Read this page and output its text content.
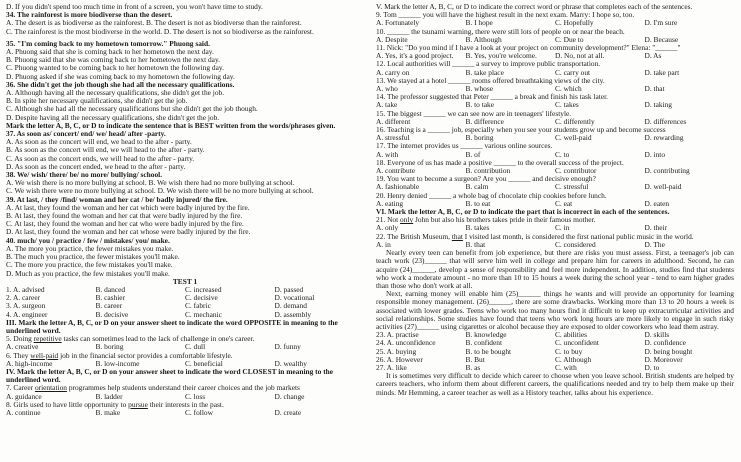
D. If you didn't spend too much time in front of a screen, you won't have time to study.
34. The rainforest is more biodiverse than the desert.
A. The desert is as biodiverse as the rainforest. B. The desert is not as biodiverse than the rainforest.
C. The rainforest is the most biodiverse in the world. D. The desert is not so biodiverse as the rainforest.
35. "I'm coming back to my hometown tomorrow." Phuong said.
A. Phuong said that she is coming back to her hometown the next day.
B. Phuong said that she was coming back to her hometown the next day.
C. Phuong wanted to be coming back to her hometown the following day.
D. Phuong asked if she was coming back to my hometown the following day.
36. She didn't get the job though she had all the necessary qualifications.
A. Although having all the necessary qualifications, she didn't get the job.
B. In spite her necessary qualifications, she didn't get the job.
C. Although she had all the necessary qualifications but she didn't get the job though.
D. Despite having all the necessary qualifications, she didn't get the job.
Mark the letter A, B, C, or D to indicate the sentence that is BEST written from the words/phrases given.
37. As soon as/ concert/ end/ we/ head/ after -party.
A. As soon as the concert will end, we head to the after - party.
B. As soon as the concert will end, we will head to the after - party.
C. As soon as the concert ends, we will head to the after - party.
D. As soon as the concert ended, we head to the after - party.
38. We/ wish/ there/ be/ no more/ bullying/ school.
A. We wish there is no more bullying at school. B. We wish there had no more bullying at school.
C. We wish there were no more bullying at school. D. We wish there will be no more bullying at school.
39. At last, / they /find/ woman and her cat / be/ badly injured/ the fire.
A. At last, they found the woman and her cat which were badly injured by the fire.
B. At last, they found the woman and her cat that were badly injured by the fire.
C. At last, they found the woman and her cat who were badly injured by the fire.
D. At last, they found the woman and her cat whose were badly injured by the fire.
40. much/ you / practice / few / mistakes/ you/ make.
A. The more you practice, the fewer mistakes you make.
B. The much you practice, the fewer mistakes you'll make.
C. The more you practice, the few mistakes you'll make.
D. Much as you practice, the few mistakes you'll make.
TEST 1
1. A. advised	B. danced	C. increased	D. passed
2. A. career	B. cashier	C. decisive	D. vocational
3. A. surgeon	B. career	C. fabric	D. demand
4. A. engineer	B. decisive	C. mechanic	D. assembly
III. Mark the letter A, B, C, or D on your answer sheet to indicate the word OPPOSITE in meaning to the underlined word.
5. Doing repetitive tasks can sometimes lead to the lack of challenge in one's career.
A. creative	B. boring	C. dull	D. funny
6. They well-paid job in the financial sector provides a comfortable lifestyle.
A. high-income	B. low-income	C. beneficial	D. wealthy
IV. Mark the letter A, B, C, or D on your answer sheet to indicate the word CLOSEST in meaning to the underlined word.
7. Career orientation programmes help students understand their career choices and the job markets
A. guidance	B. ladder	C. loss	D. change
8. Girls used to have little opportunity to pursue their interests in the past.
A. continue	B. make	C. follow	D. create
V. Mark the letter A, B, C, or D to indicate the correct word or phrase that completes each of the sentences.
9. Tom ______ you will have the highest result in the next exam. Marry: I hope so, too.
A. Fortunately	B. I hope	C. Hopefully	D. I'm sure
10. ______ the tsunami warning, there were still lots of people on or near the beach.
A. Despite	B. Although	C. Due to	D. Because
11. Nick: "Do you mind if I have a look at your project on community development?" Elena: "______"
A. Yes, it's a good project.	B. Yes, you're welcome.	D. No, not at all.	D. As
12. Local authorities will ______ a survey to improve public transportation.
A. carry on	B. take place	C. carry out	D. take part
13. We stayed at a hotel ______ rooms offered breathtaking views of the city.
A. who	B. whose	C. which	D. that
14. The professor suggested that Peter ______ a break and finish his task later.
A. take	B. to take	C. takes	D. taking
15. The biggest ______ we can see now are in teenagers' lifestyle.
A. different	B. difference	C. differently	D. differences
16. Teaching is a ______ job, especially when you see your students grow up and become success
A. stressful	B. boring	C. well-paid	D. rewarding
17. The internet provides us ______ various online sources.
A. with	B. of	C. to	D. into
18. Everyone of us has made a positive ______ to the overall success of the project.
A. contribute	B. contribution	C. contributor	D. contributing
19. You want to become a surgeon? Are you ______ and decisive enough?
A. fashionable	B. calm	C. stressful	D. well-paid
20. Henry denied ______ a whole bag of chocolate chip cookies before lunch.
A. eating	B. to eat	C. eat	D. eaten
VI. Mark the letter A, B, C, or D to indicate the part that is incorrect in each of the sentences.
21. Not only John but also his brothers takes pride in their famous mother.
A. only	B. takes	C. in	D. their
22. The British Museum, that I visited last month, is considered the first national public music in the world.
A. in	B. that	C. considered	D. The
Nearly every teen can benefit from job experience, but there are risks you must assess. First, a teenager's job can teach work (23)______ that will serve him well in college and prepare him for careers in adulthood. Second, he can acquire (24)______, develop a sense of responsibility and feel more independent. In addition, studies find that students who work a moderate amount - no more than 10 to 15 hours a week during the school year - tend to earn higher grades than those who don't work at all.
Next, earning money will enable him (25)______ things he wants and will provide an opportunity for learning responsible money management. (26)______, there are some drawbacks. Working more than 13 to 20 hours a week is associated with lower grades. Teens who work too many hours find it difficult to keep up extracurricular activities and social relationships. Some studies have found that teens who work long hours are more likely to engage in such risky activities (27)______ using cigarettes or alcohol because they are exposed to older coworkers who lead them astray.
23. A. practise	B. knowledge	C. abilities	D. skills
24. A. unconfidence	B. confident	C. unconfident	D. confidence
25. A. buying	B. to be bought	C. to buy	D. being bought
26. A. However	B. But	C. Although	D. Moreover
27. A. like	B. as	C. with	D. to
It is sometimes very difficult to decide which career to choose when you leave school. British students are helped by careers teachers, who inform them about different careers, the qualifications needed and try to help them make up their minds. Mr Hemming, a career teacher as well as a History teacher, talks about his experience.
